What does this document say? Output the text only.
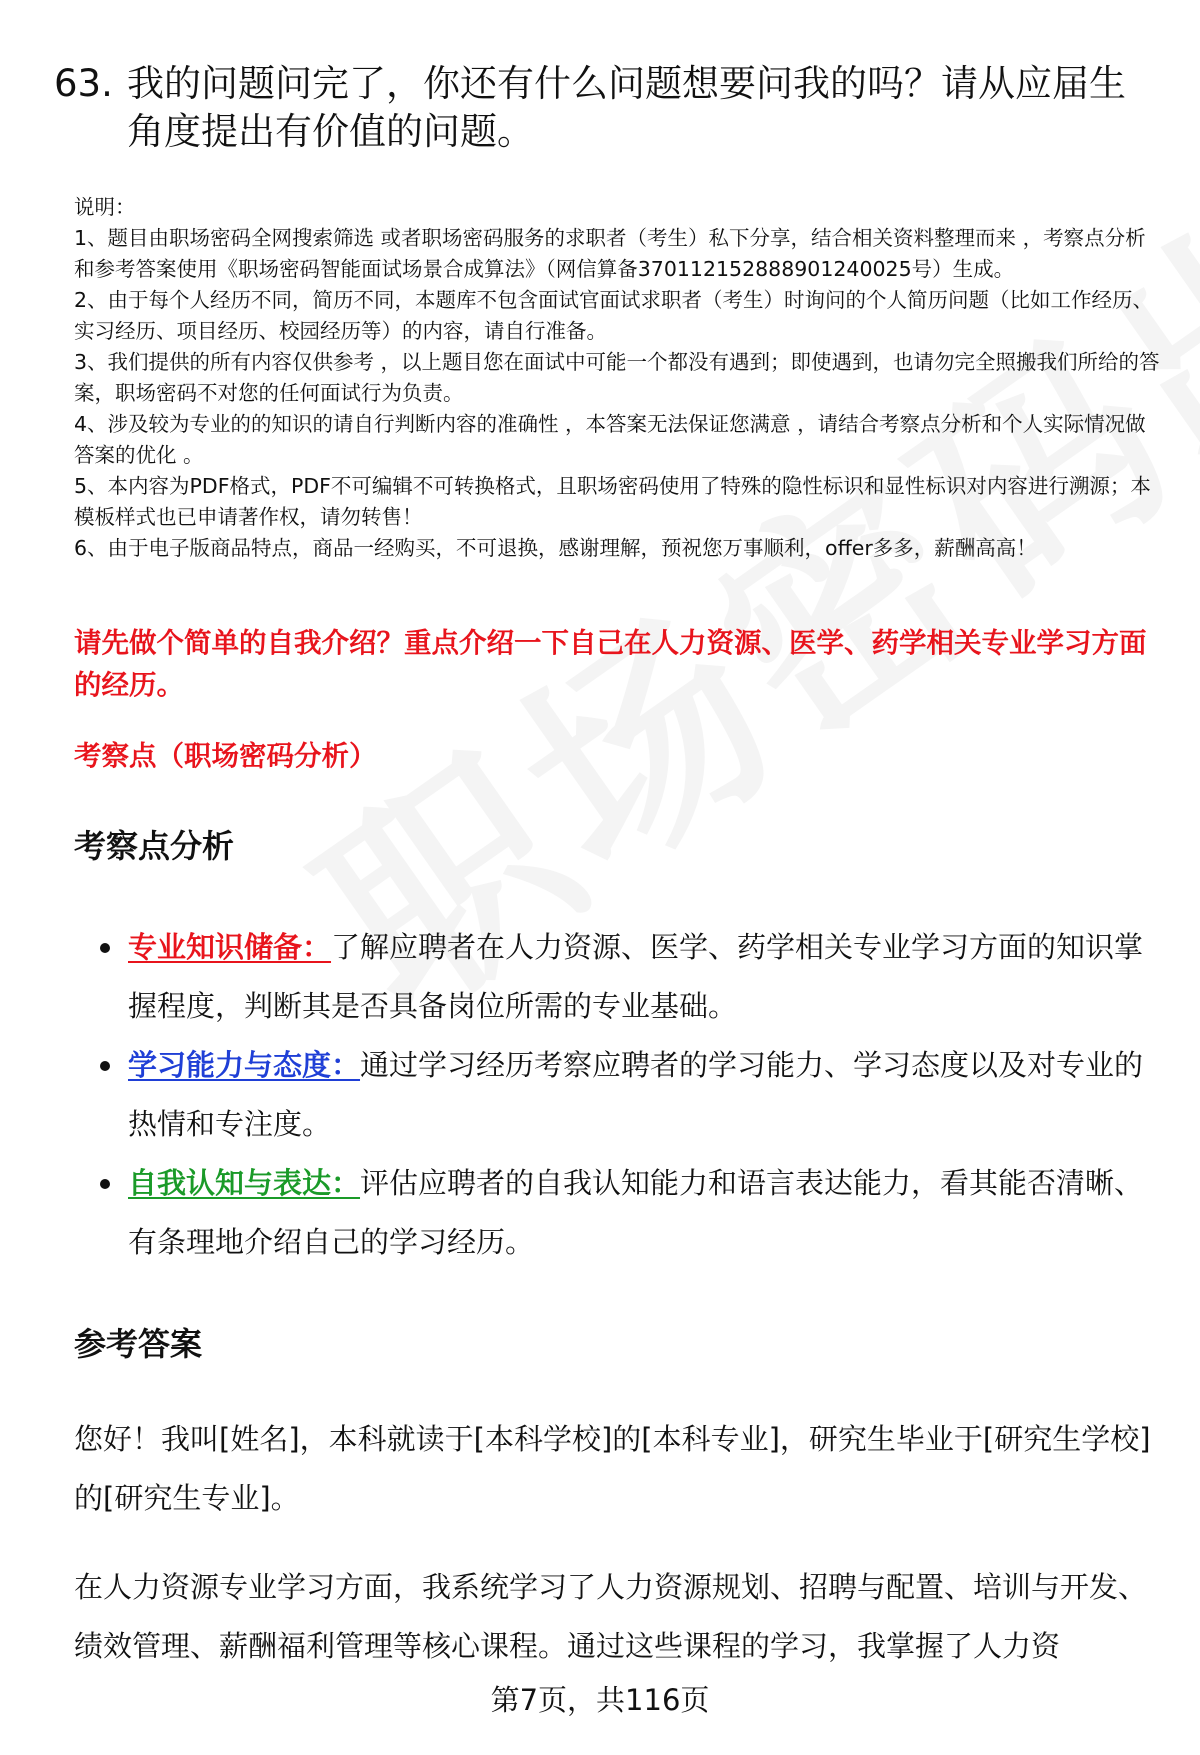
63. 我的问题问完了，你还有什么问题想要问我的吗？请从应届生角度提出有价值的问题。

说明：

1、题目由职场密码全网搜索筛选 或者职场密码服务的求职者（考生）私下分享，结合相关资料整理而来 ，考察点分析和参考答案使用《职场密码智能面试场景合成算法》（网信算备370112152888901240025号）生成。

2、由于每个人经历不同，简历不同，本题库不包含面试官面试求职者（考生）时询问的个人简历问题（比如工作经历、实习经历、项目经历、校园经历等）的内容，请自行准备。

3、我们提供的所有内容仅供参考 ，以上题目您在面试中可能一个都没有遇到；即使遇到，也请勿完全照搬我们所给的答案，职场密码不对您的任何面试行为负责。

4、涉及较为专业的的知识的请自行判断内容的准确性 ，本答案无法保证您满意 ，请结合考察点分析和个人实际情况做答案的优化 。

5、本内容为PDF格式，PDF不可编辑不可转换格式，且职场密码使用了特殊的隐性标识和显性标识对内容进行溯源；本模板样式也已申请著作权，请勿转售！

6、由于电子版商品特点，商品一经购买，不可退换，感谢理解，预祝您万事顺利，offer多多，薪酬高高！

请先做个简单的自我介绍？重点介绍一下自己在人力资源、医学、药学相关专业学习方面的经历。
考察点（职场密码分析）
考察点分析
专业知识储备：了解应聘者在人力资源、医学、药学相关专业学习方面的知识掌握程度，判断其是否具备岗位所需的专业基础。
学习能力与态度：通过学习经历考察应聘者的学习能力、学习态度以及对专业的热情和专注度。
自我认知与表达：评估应聘者的自我认知能力和语言表达能力，看其能否清晰、有条理地介绍自己的学习经历。
参考答案

您好！我叫[姓名]，本科就读于[本科学校]的[本科专业]，研究生毕业于[研究生学校]的[研究生专业]。

在人力资源专业学习方面，我系统学习了人力资源规划、招聘与配置、培训与开发、绩效管理、薪酬福利管理等核心课程。通过这些课程的学习，我掌握了人力资

第7页，共116页
